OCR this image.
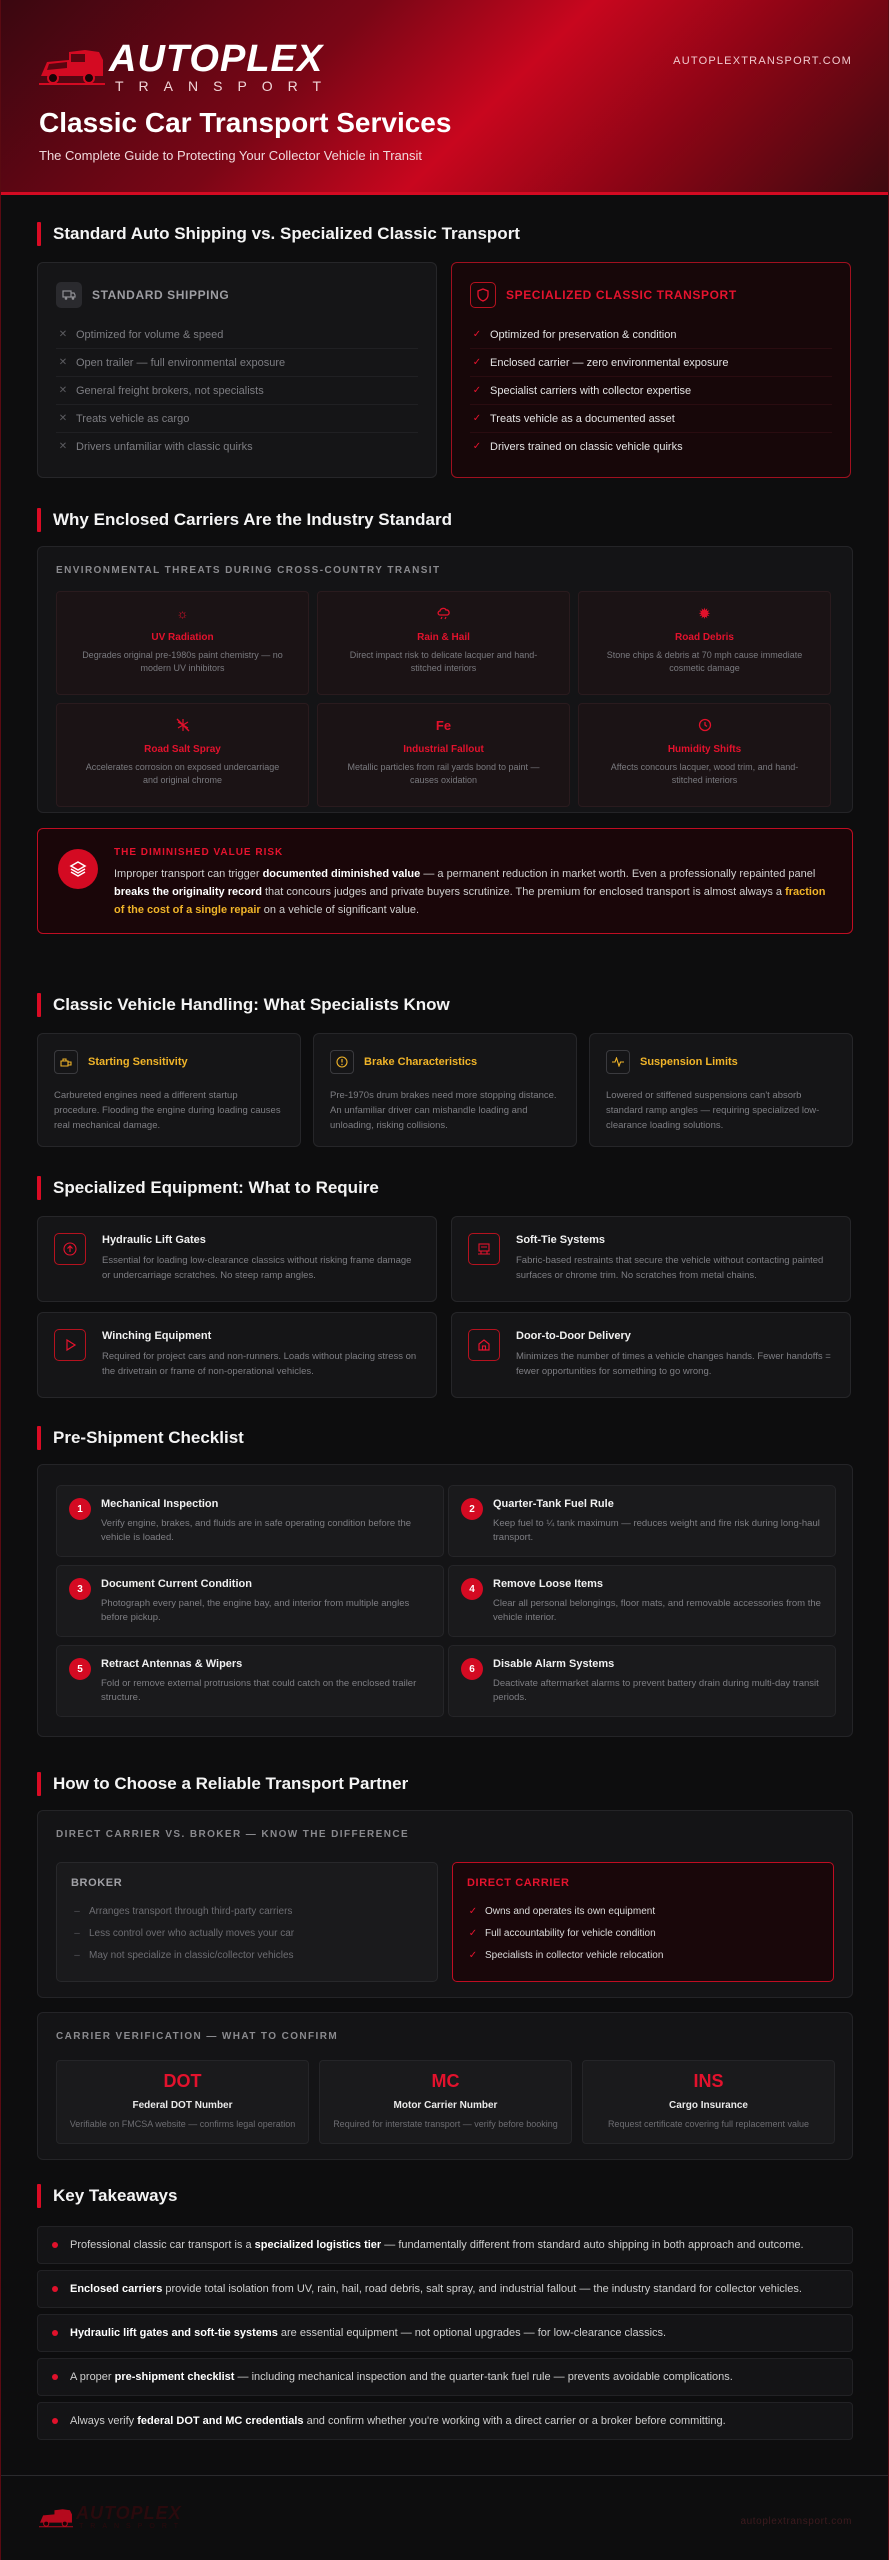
AUTOPLEX
TRANSPORT
AUTOPLEXTRANSPORT.COM
Classic Car Transport Services
The Complete Guide to Protecting Your Collector Vehicle in Transit
Standard Auto Shipping vs. Specialized Classic Transport
STANDARD SHIPPING
✕ Optimized for volume & speed
✕ Open trailer — full environmental exposure
✕ General freight brokers, not specialists
✕ Treats vehicle as cargo
✕ Drivers unfamiliar with classic quirks
SPECIALIZED CLASSIC TRANSPORT
✓ Optimized for preservation & condition
✓ Enclosed carrier — zero environmental exposure
✓ Specialist carriers with collector expertise
✓ Treats vehicle as a documented asset
✓ Drivers trained on classic vehicle quirks
Why Enclosed Carriers Are the Industry Standard
ENVIRONMENTAL THREATS DURING CROSS-COUNTRY TRANSIT
☼
UV Radiation
Degrades original pre-1980s paint chemistry — no modern UV inhibitors
Rain & Hail
Direct impact risk to delicate lacquer and hand-stitched interiors
✹
Road Debris
Stone chips & debris at 70 mph cause immediate cosmetic damage
Road Salt Spray
Accelerates corrosion on exposed undercarriage and original chrome
Fe
Industrial Fallout
Metallic particles from rail yards bond to paint — causes oxidation
Humidity Shifts
Affects concours lacquer, wood trim, and hand-stitched interiors
THE DIMINISHED VALUE RISK

Improper transport can trigger documented diminished value — a permanent reduction in market worth. Even a professionally repainted panel breaks the originality record that concours judges and private buyers scrutinize. The premium for enclosed transport is almost always a fraction of the cost of a single repair on a vehicle of significant value.

Classic Vehicle Handling: What Specialists Know
Starting Sensitivity
Carbureted engines need a different startup procedure. Flooding the engine during loading causes real mechanical damage.
Brake Characteristics
Pre-1970s drum brakes need more stopping distance. An unfamiliar driver can mishandle loading and unloading, risking collisions.
Suspension Limits
Lowered or stiffened suspensions can't absorb standard ramp angles — requiring specialized low-clearance loading solutions.
Specialized Equipment: What to Require
Hydraulic Lift Gates
Essential for loading low-clearance classics without risking frame damage or undercarriage scratches. No steep ramp angles.
Soft-Tie Systems
Fabric-based restraints that secure the vehicle without contacting painted surfaces or chrome trim. No scratches from metal chains.
Winching Equipment
Required for project cars and non-runners. Loads without placing stress on the drivetrain or frame of non-operational vehicles.
Door-to-Door Delivery
Minimizes the number of times a vehicle changes hands. Fewer handoffs = fewer opportunities for something to go wrong.
Pre-Shipment Checklist
1	Mechanical Inspection
Verify engine, brakes, and fluids are in safe operating condition before the vehicle is loaded.
2	Quarter-Tank Fuel Rule
Keep fuel to ¼ tank maximum — reduces weight and fire risk during long-haul transport.
3	Document Current Condition
Photograph every panel, the engine bay, and interior from multiple angles before pickup.
4	Remove Loose Items
Clear all personal belongings, floor mats, and removable accessories from the vehicle interior.
5	Retract Antennas & Wipers
Fold or remove external protrusions that could catch on the enclosed trailer structure.
6	Disable Alarm Systems
Deactivate aftermarket alarms to prevent battery drain during multi-day transit periods.
How to Choose a Reliable Transport Partner
DIRECT CARRIER VS. BROKER — KNOW THE DIFFERENCE
BROKER
– Arranges transport through third-party carriers
– Less control over who actually moves your car
– May not specialize in classic/collector vehicles
DIRECT CARRIER
✓ Owns and operates its own equipment
✓ Full accountability for vehicle condition
✓ Specialists in collector vehicle relocation
CARRIER VERIFICATION — WHAT TO CONFIRM
DOT
Federal DOT Number
Verifiable on FMCSA website — confirms legal operation
MC
Motor Carrier Number
Required for interstate transport — verify before booking
INS
Cargo Insurance
Request certificate covering full replacement value
Key Takeaways
Professional classic car transport is a specialized logistics tier — fundamentally different from standard auto shipping in both approach and outcome.
Enclosed carriers provide total isolation from UV, rain, hail, road debris, salt spray, and industrial fallout — the industry standard for collector vehicles.
Hydraulic lift gates and soft-tie systems are essential equipment — not optional upgrades — for low-clearance classics.
A proper pre-shipment checklist — including mechanical inspection and the quarter-tank fuel rule — prevents avoidable complications.
Always verify federal DOT and MC credentials and confirm whether you're working with a direct carrier or a broker before committing.
AUTOPLEX
TRANSPORT	autoplextransport.com
